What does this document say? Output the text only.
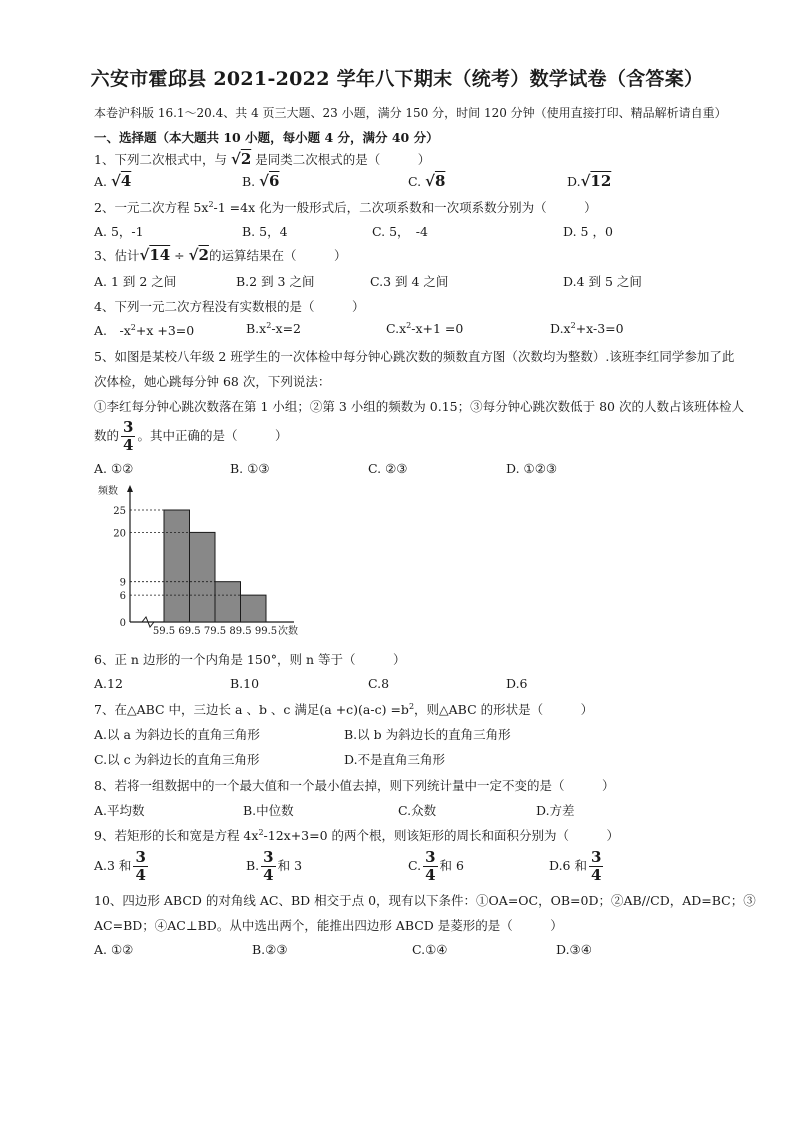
六安市霍邱县 2021-2022 学年八下期末（统考）数学试卷（含答案）
本卷沪科版 16.1～20.4、共 4 页三大题、23 小题，满分 150 分，时间 120 分钟（使用直接打印、精品解析请自重）
一、选择题（本大题共 10 小题，每小题 4 分，满分 40 分）
1、下列二次根式中，与 √2 是同类二次根式的是（　　　）
A. √4	B. √6	C. √8	D.√12
2、一元二次方程 $5x^2-1 =4x$ 化为一般形式后，二次项系数和一次项系数分别为（　　　）
A. 5，-1	B. 5，4	C. 5，　-4	D. 5 ，0
3、估计√14 ÷ √2的运算结果在（　　　）
A. 1 到 2 之间	B.2 到 3 之间	C.3 到 4 之间	D.4 到 5 之间
4、下列一元二次方程没有实数根的是（　　　）
A.　$-x^2+x +3=0$	$B.x^2-x=2$	$C.x^2-x+1 =0$	$D.x^2+x-3=0$
5、如图是某校八年级 2 班学生的一次体检中每分钟心跳次数的频数直方图（次数均为整数）.该班李红同学参加了此
次体检，她心跳每分钟 68 次，下列说法：
①李红每分钟心跳次数落在第 1 小组；②第 3 小组的频数为 0.15；③每分钟心跳次数低于 80 次的人数占该班体检人
数的 $\frac{3}{4}$ 。其中正确的是（　　　）
A. ①②	B. ①③	C. ②③	D. ①②③
频数
25
20
9
6
0
59.5 69.5 79.5 89.5 99.5 次数
6、正 n 边形的一个内角是 150°，则 n 等于（　　　）
A.12	B.10	C.8	D.6
7、在△ABC 中，三边长 a 、b 、c 满足$(a +c)(a-c) =b^2$，则△ABC 的形状是（　　　）
A.以 a 为斜边长的直角三角形	B.以 b 为斜边长的直角三角形
C.以 c 为斜边长的直角三角形	D.不是直角三角形
8、若将一组数据中的一个最大值和一个最小值去掉，则下列统计量中一定不变的是（　　　）
A.平均数	B.中位数	C.众数	D.方差
9、若矩形的长和宽是方程 $4x^2-12x+3=0$ 的两个根，则该矩形的周长和面积分别为（　　　）
A.3 和 $\frac{3}{4}$	B. $\frac{3}{4}$ 和 3	C. $\frac{3}{4}$ 和 6	D.6 和 $\frac{3}{4}$
10、四边形 ABCD 的对角线 AC、BD 相交于点 0，现有以下条件：①OA=OC，OB=0D；②AB//CD，AD=BC；③
AC=BD；④AC⊥BD。从中选出两个，能推出四边形 ABCD 是菱形的是（　　　）
A. ①②	B.②③	C.①④	D.③④
